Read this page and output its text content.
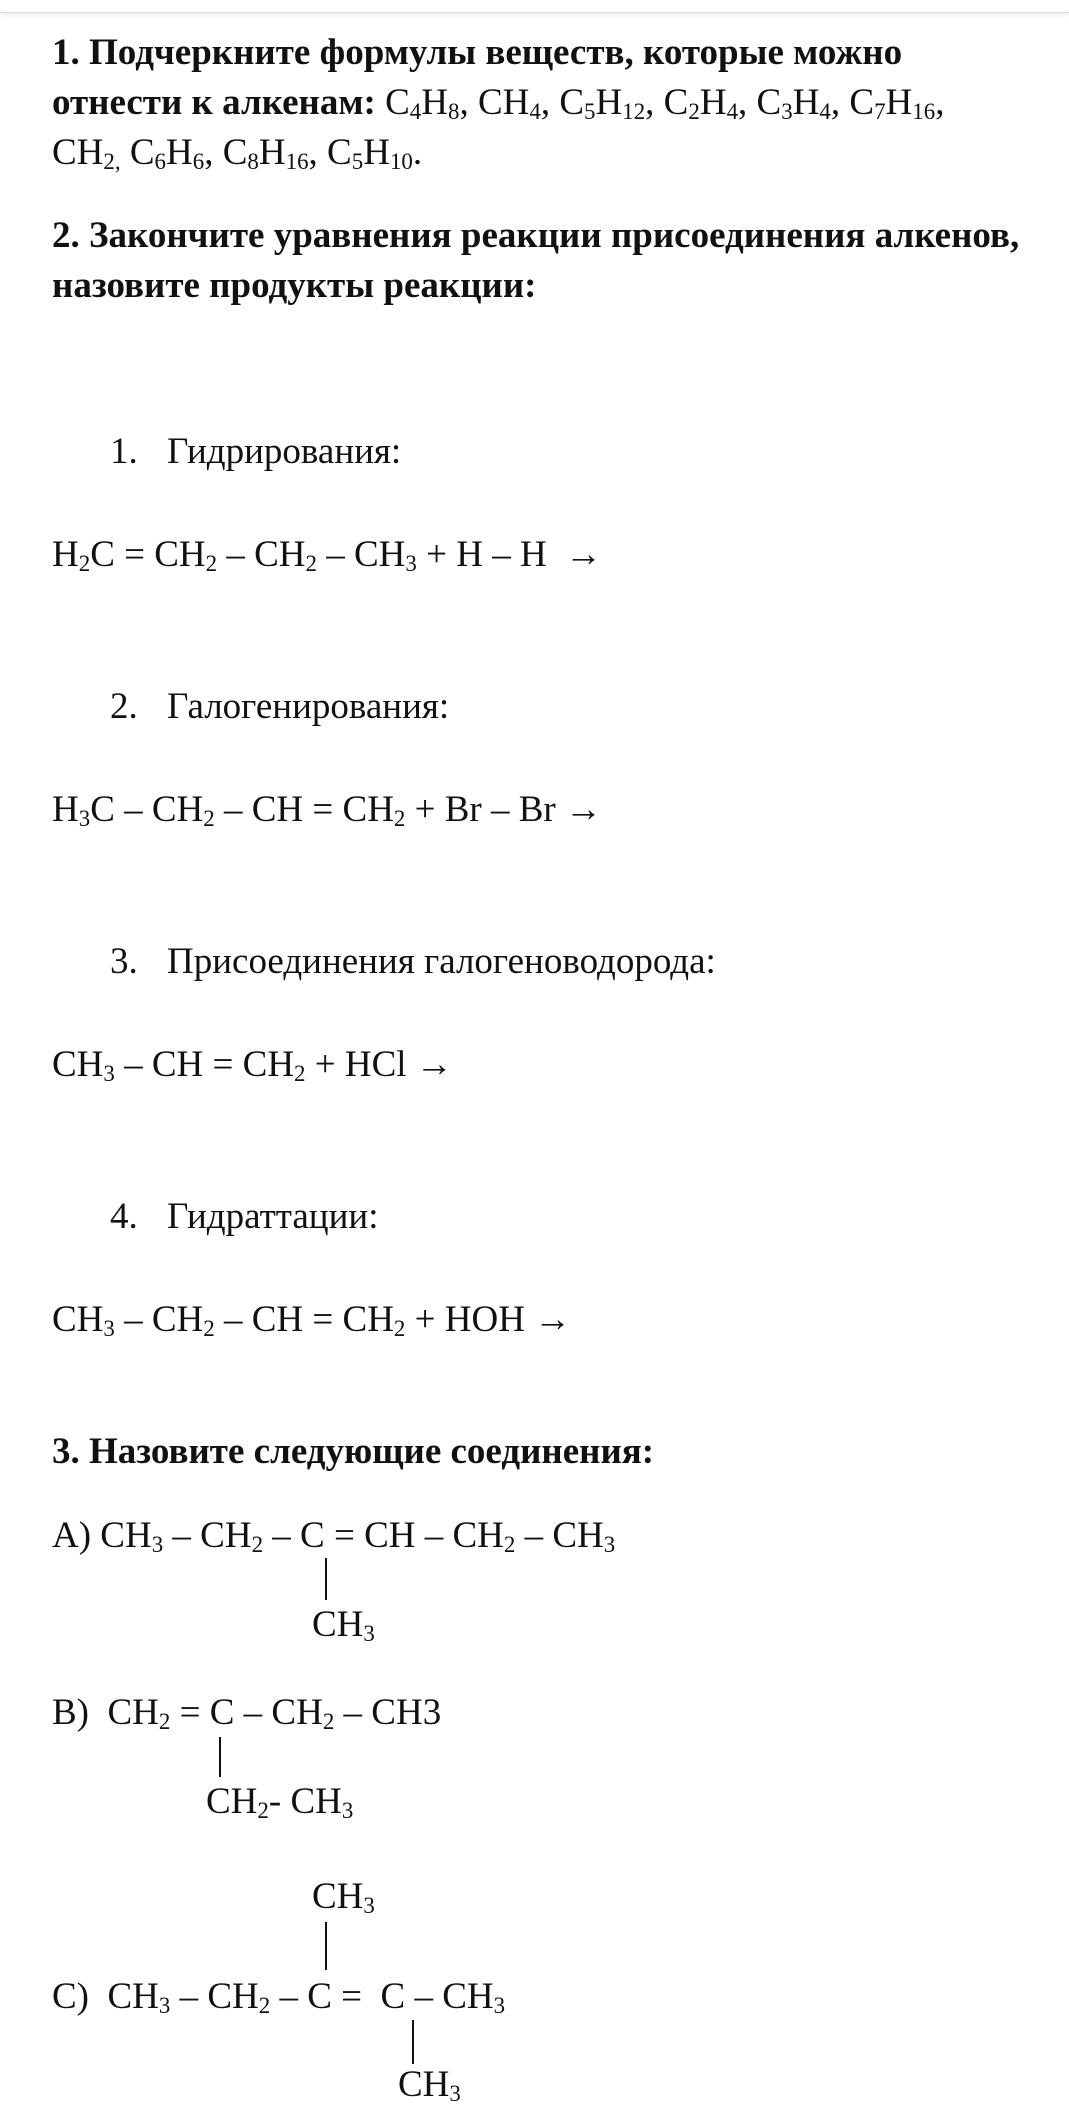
1. Подчеркните формулы веществ, которые можно
отнести к алкенам: $C_4H_8$, $CH_4$, $C_5H_{12}$, $C_2H_4$, $C_3H_4$, $C_7H_{16}$,
$CH_{2,}$ $C_6H_6$, $C_8H_{16}$, $C_5H_{10}$.
2. Закончите уравнения реакции присоединения алкенов,
назовите продукты реакции:
1. Гидрирования:
$H_2C = CH_2 - CH_2 - CH_3 + H - H$  →
2. Галогенирования:
$H_3C - CH_2$ – CH = $CH_2 + Br - Br$ →
3. Присоединения галогеноводорода:
$CH_3$ – CH = $CH_2$ + HCl →
4. Гидраттации:
$CH_3 - CH_2$ – CH = $CH_2$ + HOH →
3. Назовите следующие соединения:
А) $CH_3 - CH_2$ – C = CH – $CH_2 - CH_3$
$CH_3$
B)  $CH_2 = C - CH_2 - CH3$
$CH_2-$ $CH_3$
$CH_3$
C)  $CH_3 - CH_2 - C = C - CH_3$
$CH_3$
